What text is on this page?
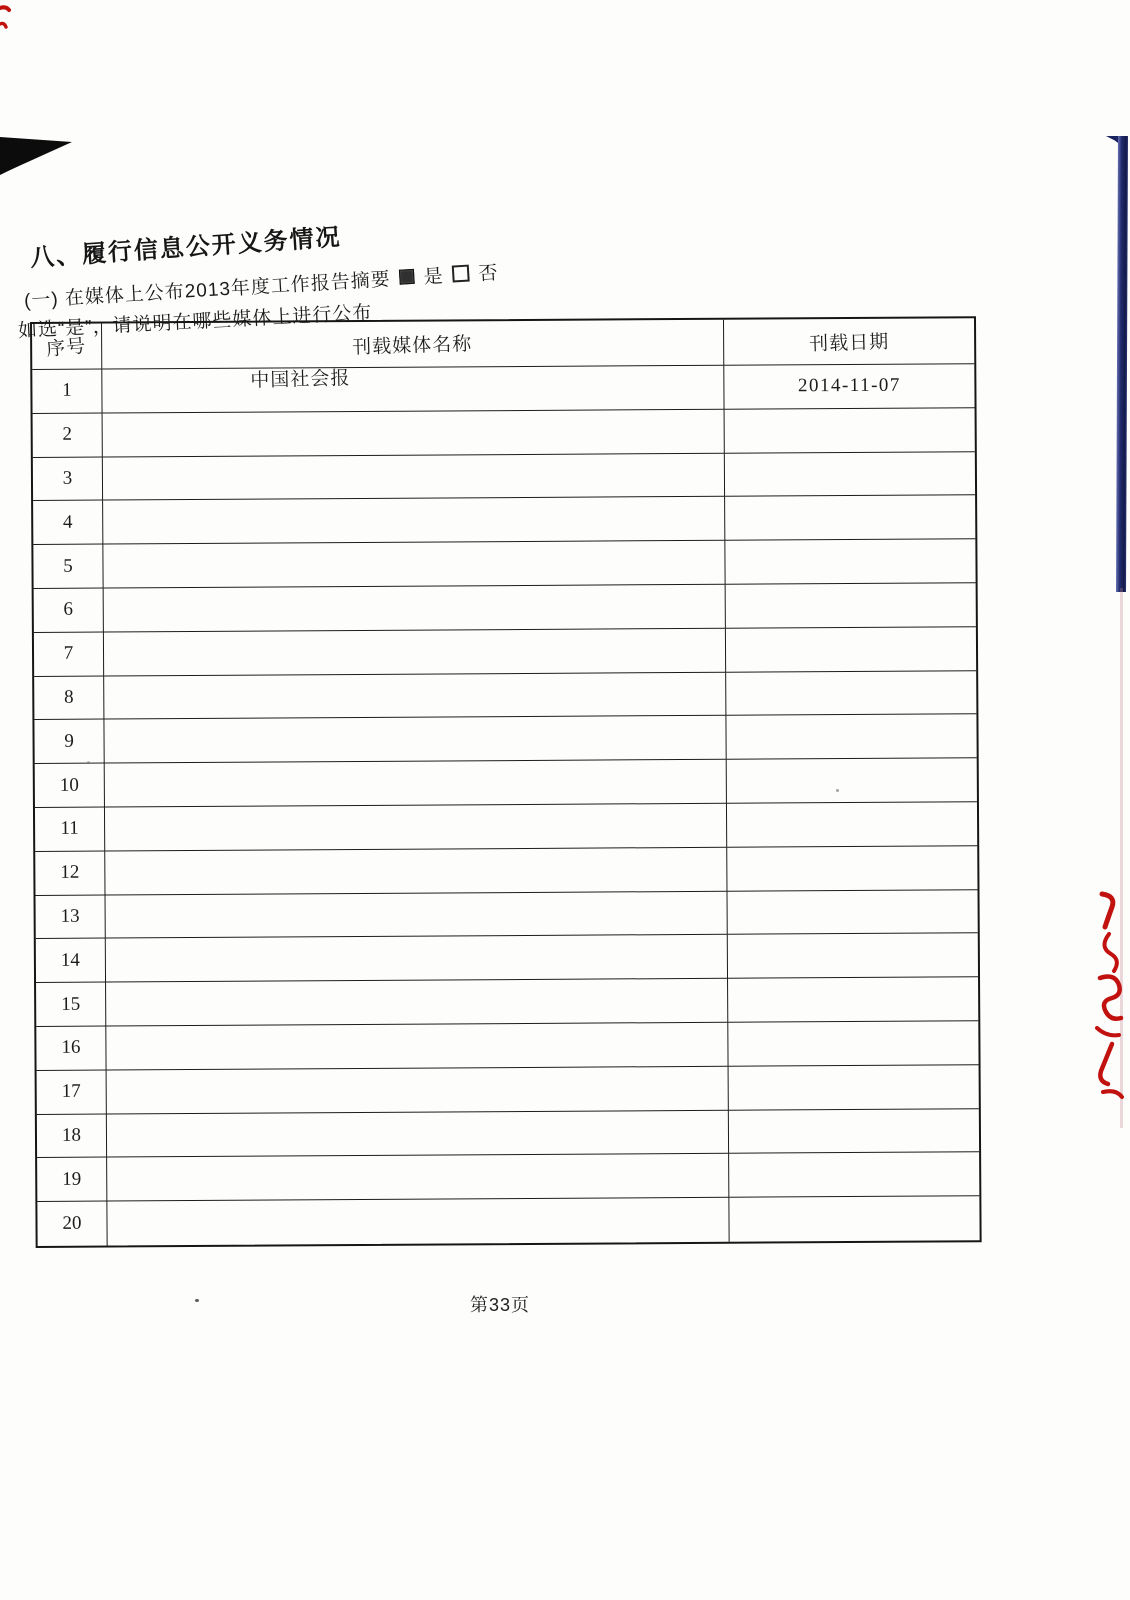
八、履行信息公开义务情况
(一) 在媒体上公布2013年度工作报告摘要 是 否
如选“是”，请说明在哪些媒体上进行公布
序号	刊载媒体名称	刊载日期
1	中国社会报	2014-11-07
2
3
4
5
6
7
8
9
10
11
12
13
14
15
16
17
18
19
20
第33页
